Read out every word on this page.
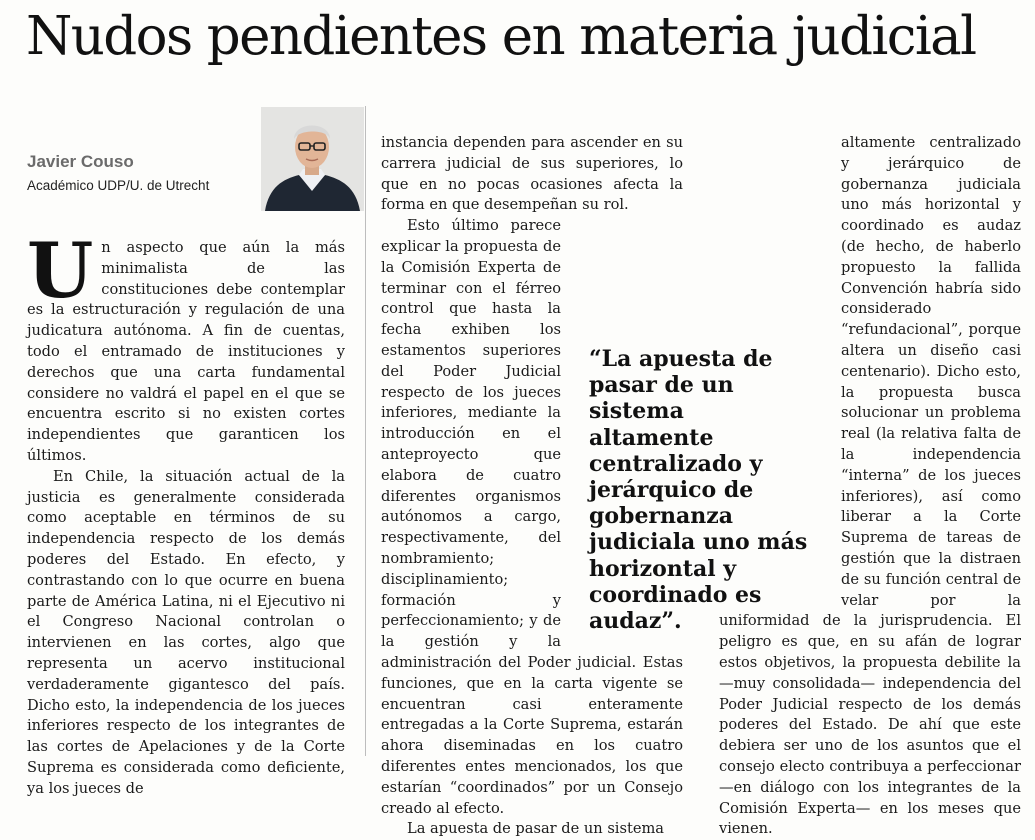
Nudos pendientes en materia judicial
Javier Couso
Académico UDP/U. de Utrecht

Un aspecto que aún la más minimalista de las constituciones debe contemplar es la estructuración y regulación de una judicatura autónoma. A fin de cuentas, todo el entramado de instituciones y derechos que una carta fundamental considere no valdrá el papel en el que se encuentra escrito si no existen cortes independientes que garanticen los últimos.

En Chile, la situación actual de la justicia es generalmente considerada como aceptable en términos de su independencia respecto de los demás poderes del Estado. En efecto, y contrastando con lo que ocurre en buena parte de América Latina, ni el Ejecutivo ni el Congreso Nacional controlan o intervienen en las cortes, algo que representa un acervo institucional verdaderamente gigantesco del país. Dicho esto, la independencia de los jueces inferiores respecto de los integrantes de las cortes de Apelaciones y de la Corte Suprema es considerada como deficiente, ya los jueces de

instancia dependen para ascender en su carrera judicial de sus superiores, lo que en no pocas ocasiones afecta la forma en que desempeñan su rol.

Esto último parece explicar la propuesta de la Comisión Experta de terminar con el férreo control que hasta la fecha exhiben los estamentos superiores del Poder Judicial respecto de los jueces inferiores, mediante la introducción en el anteproyecto que elabora de cuatro diferentes organismos autónomos a cargo, respectivamente, del nombramiento; disciplinamiento; formación y perfeccionamiento; y de la gestión y la administración del Poder judicial. Estas funciones, que en la carta vigente se encuentran casi enteramente entregadas a la Corte Suprema, estarán ahora diseminadas en los cuatro diferentes entes mencionados, los que estarían “coordinados” por un Consejo creado al efecto.

La apuesta de pasar de un sistema

altamente centralizado y jerárquico de gobernanza judiciala uno más horizontal y coordinado es audaz (de hecho, de haberlo propuesto la fallida Convención habría sido considerado “refundacional”, porque altera un diseño casi centenario). Dicho esto, la propuesta busca solucionar un problema real (la relativa falta de la independencia “interna” de los jueces inferiores), así como liberar a la Corte Suprema de tareas de gestión que la distraen de su función central de velar por la uniformidad de la jurisprudencia. El peligro es que, en su afán de lograr estos objetivos, la propuesta debilite la —muy consolidada— independencia del Poder Judicial respecto de los demás poderes del Estado. De ahí que este debiera ser uno de los asuntos que el consejo electo contribuya a perfeccionar —en diálogo con los integrantes de la Comisión Experta— en los meses que vienen.

“La apuesta de pasar de un sistema altamente centralizado y jerárquico de gobernanza judiciala uno más horizontal y coordinado es audaz”.
